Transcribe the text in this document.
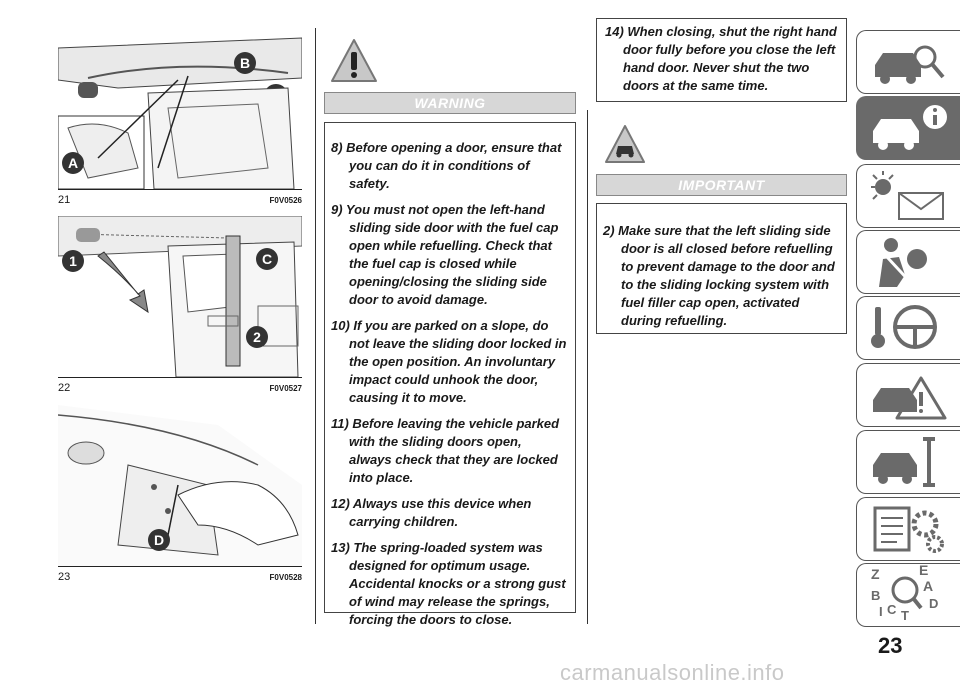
B
A
21	F0V0526
1	C
2
22	F0V0527
D
23	F0V0528
WARNING
8) Before opening a door, ensure that you can do it in conditions of safety.
9) You must not open the left-hand sliding side door with the fuel cap open while refuelling. Check that the fuel cap is closed while opening/closing the sliding side door to avoid damage.
10) If you are parked on a slope, do not leave the sliding door locked in the open position. An involuntary impact could unhook the door, causing it to move.
11) Before leaving the vehicle parked with the sliding doors open, always check that they are locked into place.
12) Always use this device when carrying children.
13) The spring-loaded system was designed for optimum usage. Accidental knocks or a strong gust of wind may release the springs, forcing the doors to close.
14) When closing, shut the right hand door fully before you close the left hand door. Never shut the two doors at the same time.
IMPORTANT
2) Make sure that the left sliding side door is all closed before refuelling to prevent damage to the door and to the sliding locking system with fuel filler cap open, activated during refuelling.
Z	E
A
B
C T
D
I
23
carmanualsonline.info
